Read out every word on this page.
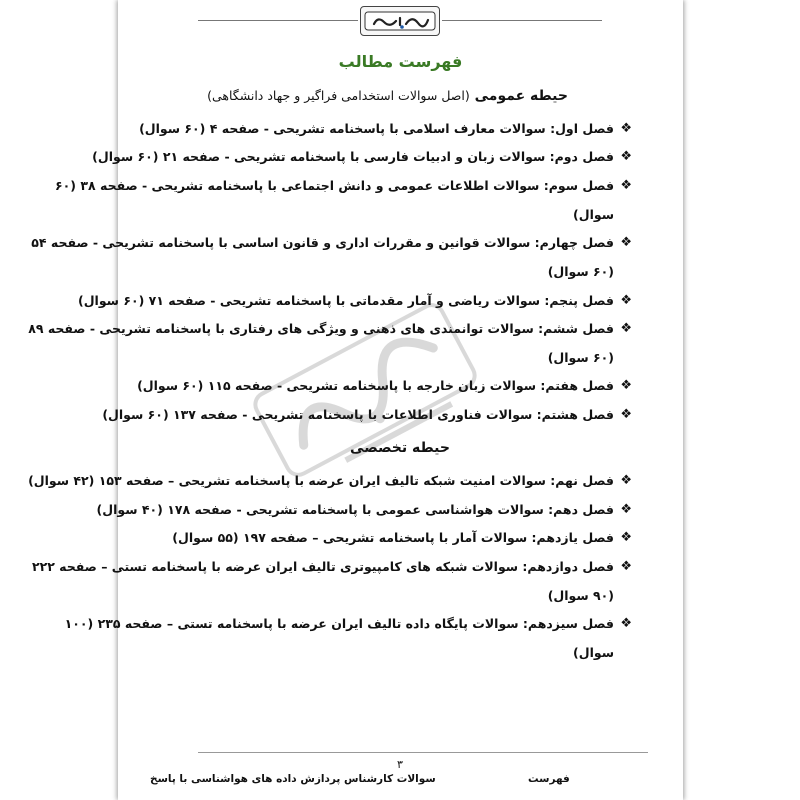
فهرست مطالب
حیطه عمومی (اصل سوالات استخدامی فراگیر و جهاد دانشگاهی)
❖
فصل اول: سوالات معارف اسلامی با پاسخنامه تشریحی - صفحه ۴ (۶۰ سوال)
❖
فصل دوم: سوالات زبان و ادبیات فارسی با پاسخنامه تشریحی - صفحه ۲۱ (۶۰ سوال)
❖
فصل سوم: سوالات اطلاعات عمومی و دانش اجتماعی با پاسخنامه تشریحی - صفحه ۳۸ (۶۰
سوال)
❖
فصل چهارم: سوالات قوانین و مقررات اداری و قانون اساسی با پاسخنامه تشریحی - صفحه ۵۴
(۶۰ سوال)
❖
فصل پنجم: سوالات ریاضی و آمار مقدماتی با پاسخنامه تشریحی - صفحه ۷۱ (۶۰ سوال)
❖
فصل ششم: سوالات توانمندی های ذهنی و ویژگی های رفتاری با پاسخنامه تشریحی - صفحه ۸۹
(۶۰ سوال)
❖
فصل هفتم: سوالات زبان خارجه با پاسخنامه تشریحی - صفحه ۱۱۵ (۶۰ سوال)
❖
فصل هشتم: سوالات فناوری اطلاعات با پاسخنامه تشریحی - صفحه ۱۳۷ (۶۰ سوال)
حیطه تخصصی
❖
فصل نهم: سوالات امنیت شبکه تالیف ایران عرضه با پاسخنامه تشریحی – صفحه ۱۵۳ (۴۲ سوال)
❖
فصل دهم: سوالات هواشناسی عمومی با پاسخنامه تشریحی - صفحه ۱۷۸ (۴۰ سوال)
❖
فصل یازدهم: سوالات آمار با پاسخنامه تشریحی – صفحه ۱۹۷ (۵۵ سوال)
❖
فصل دوازدهم: سوالات شبکه های کامپیوتری تالیف ایران عرضه با پاسخنامه تستی – صفحه ۲۲۲
(۹۰ سوال)
❖
فصل سیزدهم: سوالات پایگاه داده تالیف ایران عرضه با پاسخنامه تستی – صفحه ۲۳۵ (۱۰۰
سوال)
۳
سوالات کارشناس پردازش داده های هواشناسی با پاسخ	فهرست
